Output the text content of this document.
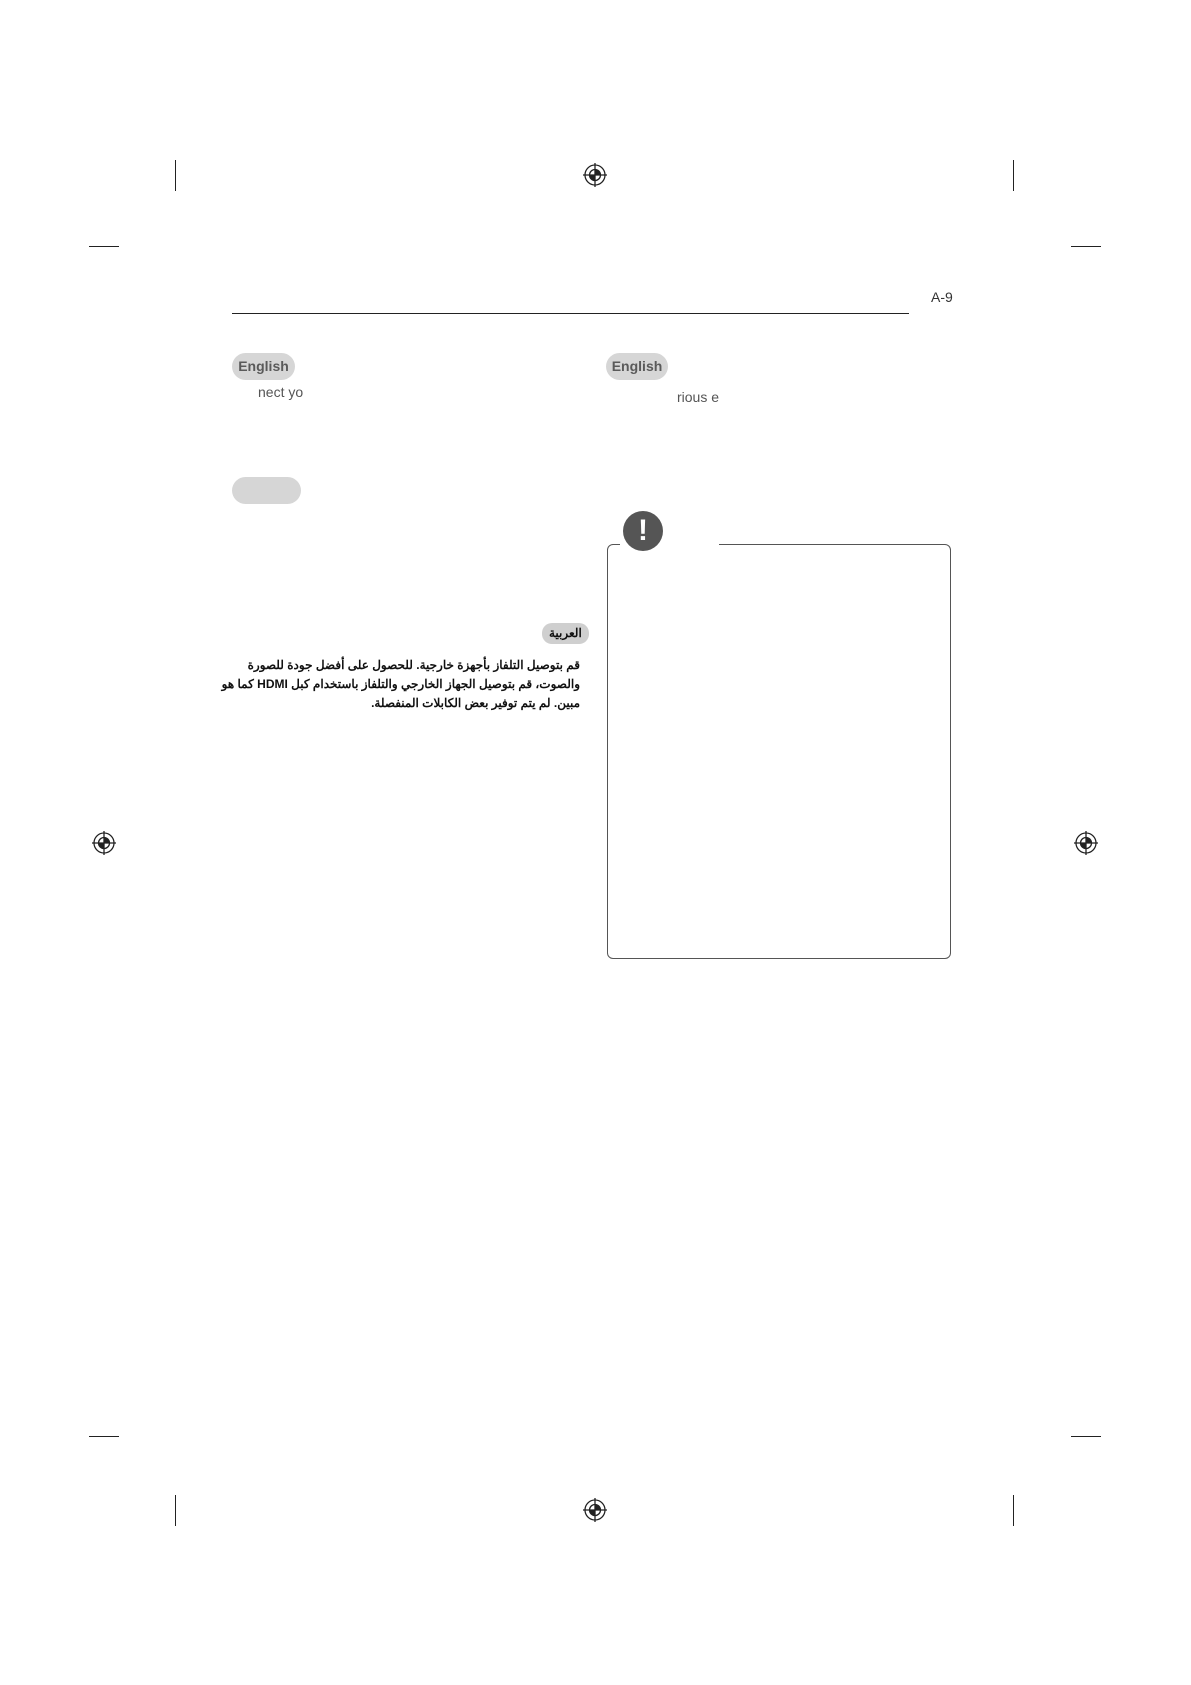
A-9
English
nect yo
العربية
قم بتوصيل التلفاز بأجهزة خارجية. للحصول على أفضل جودة للصورة
والصوت، قم بتوصيل الجهاز الخارجي والتلفاز باستخدام كبل HDMI كما هو
مبين. لم يتم توفير بعض الكابلات المنفصلة.
English
rious e
!
